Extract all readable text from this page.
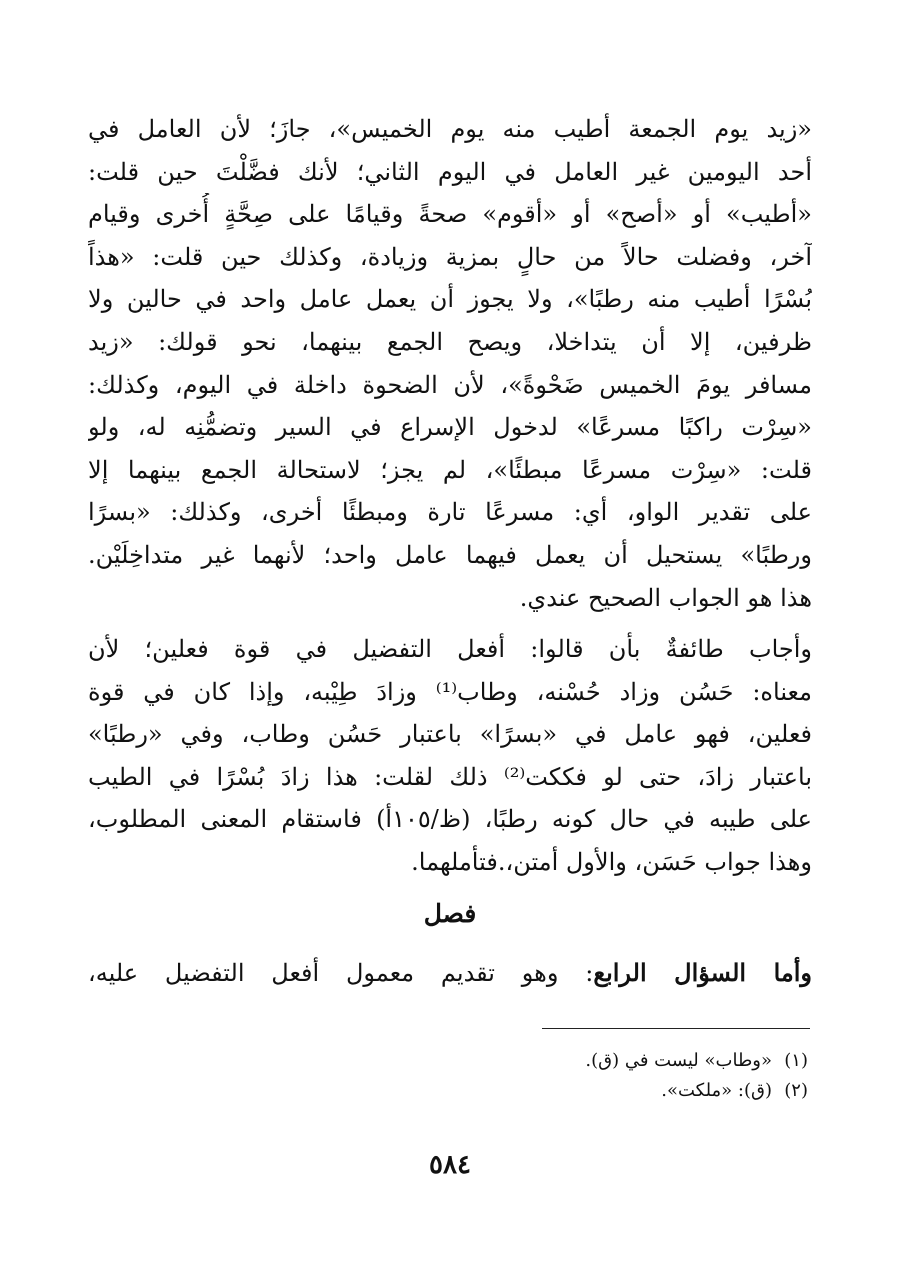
«زيد يوم الجمعة أطيب منه يوم الخميس»، جازَ؛ لأن العامل في
أحد اليومين غير العامل في اليوم الثاني؛ لأنك فضَّلْتَ حين قلت:
«أطيب» أو «أصح» أو «أقوم» صحةً وقيامًا على صِحَّةٍ أُخرى وقيام
آخر، وفضلت حالاً من حالٍ بمزية وزيادة، وكذلك حين قلت: «هذاً
بُسْرًا أطيب منه رطبًا»، ولا يجوز أن يعمل عامل واحد في حالين ولا
ظرفين، إلا أن يتداخلا، ويصح الجمع بينهما، نحو قولك: «زيد
مسافر يومَ الخميس ضَحْوةً»، لأن الضحوة داخلة في اليوم، وكذلك:
«سِرْت راكبًا مسرعًا» لدخول الإسراع في السير وتضمُّنِه له، ولو
قلت: «سِرْت مسرعًا مبطئًا»، لم يجز؛ لاستحالة الجمع بينهما إلا
على تقدير الواو، أي: مسرعًا تارة ومبطئًا أخرى، وكذلك: «بسرًا
ورطبًا» يستحيل أن يعمل فيهما عامل واحد؛ لأنهما غير متداخِلَيْن.
هذا هو الجواب الصحيح عندي.
وأجاب طائفةٌ بأن قالوا: أفعل التفضيل في قوة فعلين؛ لأن
معناه: حَسُن وزاد حُسْنه، وطاب⁽¹⁾ وزادَ طِيْبه، وإذا كان في قوة
فعلين، فهو عامل في «بسرًا» باعتبار حَسُن وطاب، وفي «رطبًا»
باعتبار زادَ، حتى لو فككت⁽²⁾ ذلك لقلت: هذا زادَ بُسْرًا في الطيب
على طيبه في حال كونه رطبًا، (ظ/١٠٥أ) فاستقام المعنى المطلوب،
وهذا جواب حَسَن، والأول أمتن،.فتأملهما.
فصل
وأما السؤال الرابع: وهو تقديم معمول أفعل التفضيل عليه،
(١)«وطاب» ليست في (ق).
(٢)(ق): «ملكت».
٥٨٤
